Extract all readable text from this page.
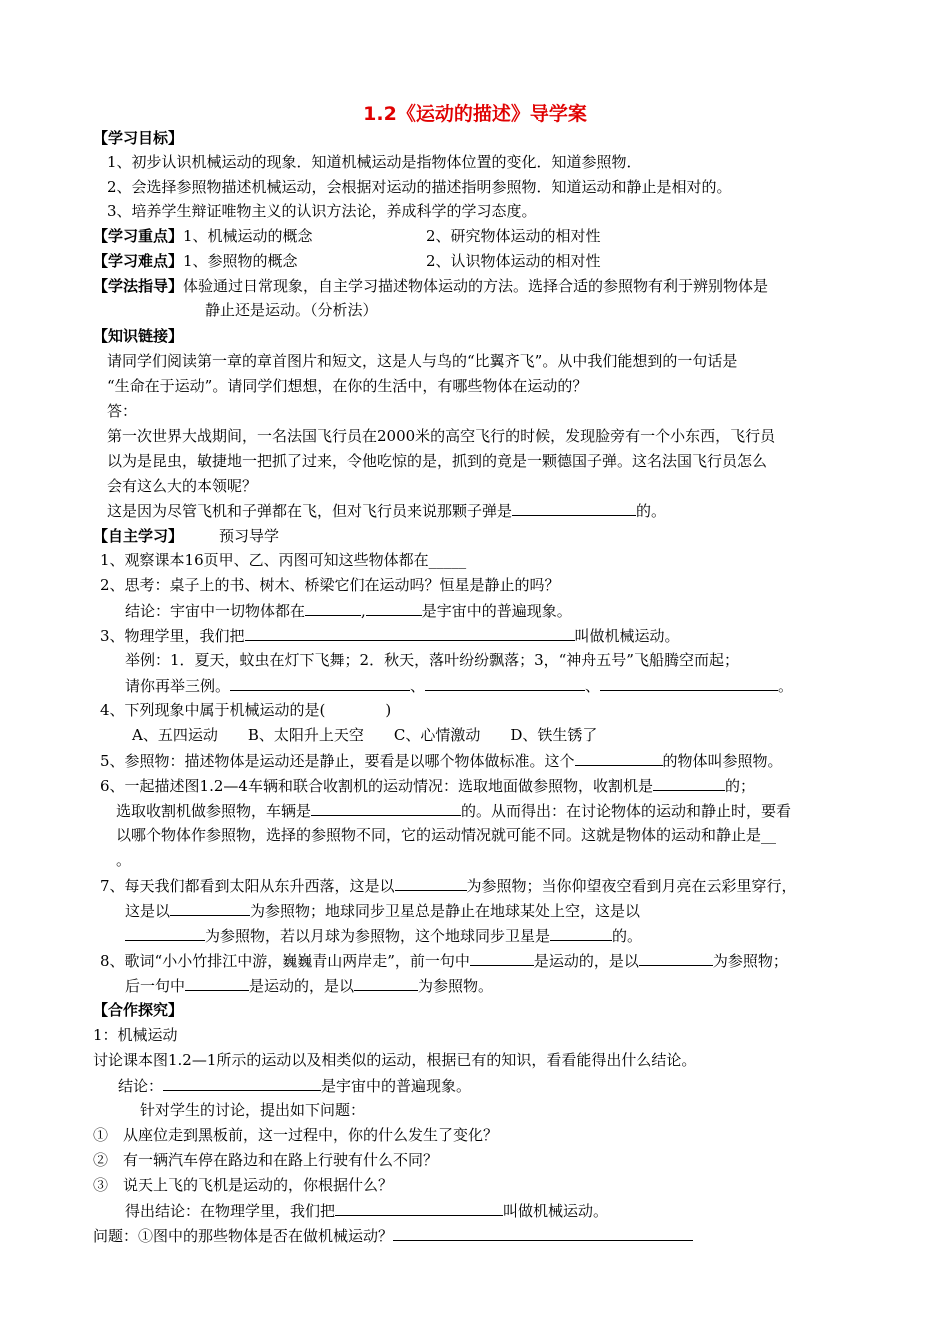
1.2《运动的描述》导学案
【学习目标】
1、初步认识机械运动的现象．知道机械运动是指物体位置的变化．知道参照物．
2、会选择参照物描述机械运动，会根据对运动的描述指明参照物．知道运动和静止是相对的。
3、培养学生辩证唯物主义的认识方法论，养成科学的学习态度。
【学习重点】1、机械运动的概念	2、研究物体运动的相对性
【学习难点】1、参照物的概念	2、认识物体运动的相对性
【学法指导】体验通过日常现象，自主学习描述物体运动的方法。选择合适的参照物有利于辨别物体是
静止还是运动。（分析法）
【知识链接】
请同学们阅读第一章的章首图片和短文，这是人与鸟的“比翼齐飞”。从中我们能想到的一句话是
“生命在于运动”。请同学们想想，在你的生活中，有哪些物体在运动的？
答：
第一次世界大战期间，一名法国飞行员在2000米的高空飞行的时候，发现脸旁有一个小东西，飞行员
以为是昆虫，敏捷地一把抓了过来，令他吃惊的是，抓到的竟是一颗德国子弹。这名法国飞行员怎么
会有这么大的本领呢？
这是因为尽管飞机和子弹都在飞，但对飞行员来说那颗子弹是	的。
【自主学习】 预习导学
1、观察课本16页甲、乙、丙图可知这些物体都在_____
2、思考：桌子上的书、树木、桥梁它们在运动吗？恒星是静止的吗？
结论：宇宙中一切物体都在	,	是宇宙中的普遍现象。
3、物理学里，我们把	叫做机械运动。
举例：1．夏天，蚊虫在灯下飞舞；2．秋天，落叶纷纷飘落；3，“神舟五号”飞船腾空而起；
请你再举三例。	、	、	。
4、下列现象中属于机械运动的是(　　　　)
A、五四运动　　B、太阳升上天空　　C、心情激动　　D、铁生锈了
5、参照物：描述物体是运动还是静止，要看是以哪个物体做标准。这个	的物体叫参照物。
6、一起描述图1.2—4车辆和联合收割机的运动情况：选取地面做参照物，收割机是	的；
选取收割机做参照物，车辆是	的。从而得出：在讨论物体的运动和静止时，要看
以哪个物体作参照物，选择的参照物不同，它的运动情况就可能不同。这就是物体的运动和静止是__
。
7、每天我们都看到太阳从东升西落，这是以	为参照物；当你仰望夜空看到月亮在云彩里穿行，
这是以	为参照物；地球同步卫星总是静止在地球某处上空，这是以
为参照物，若以月球为参照物，这个地球同步卫星是	的。
8、歌词“小小竹排江中游，巍巍青山两岸走”，前一句中	是运动的，是以	为参照物；
后一句中	是运动的，是以	为参照物。
【合作探究】
1：机械运动
讨论课本图1.2—1所示的运动以及相类似的运动，根据已有的知识，看看能得出什么结论。
结论：	是宇宙中的普遍现象。
针对学生的讨论，提出如下问题：
①　从座位走到黑板前，这一过程中，你的什么发生了变化？
②　有一辆汽车停在路边和在路上行驶有什么不同？
③　说天上飞的飞机是运动的，你根据什么？
得出结论：在物理学里，我们把	叫做机械运动。
问题：①图中的那些物体是否在做机械运动？
